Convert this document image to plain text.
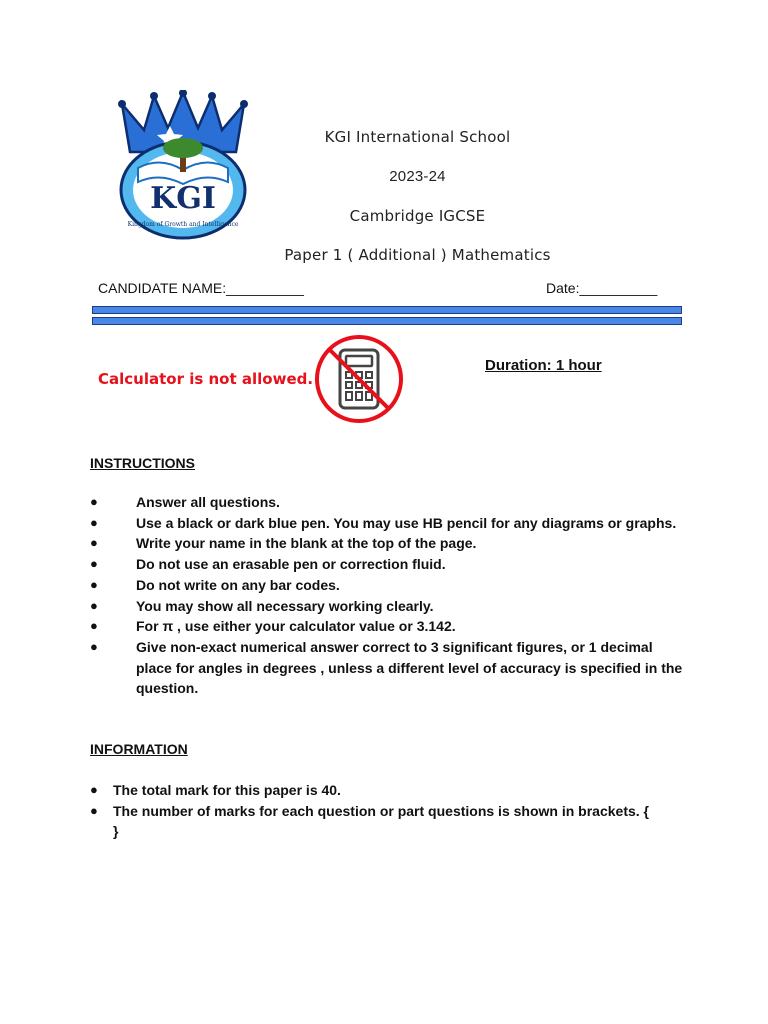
KGI
Kingdom of Growth and Intelligence
KGI International School
2023-24
Cambridge IGCSE
Paper 1 ( Additional ) Mathematics
CANDIDATE NAME:__________	Date:__________
Calculator is not allowed.
Duration: 1 hour
INSTRUCTIONS
●	Answer all questions.
●	Use a black or dark blue pen. You may use HB pencil for any diagrams or graphs.
●	Write your name in the blank at the top of the page.
●	Do not use an erasable pen or correction fluid.
●	Do not write on any bar codes.
●	You may show all necessary working clearly.
●	For π , use either your calculator value or 3.142.
●	Give non-exact numerical answer correct to 3 significant figures, or 1 decimal place for angles in degrees , unless a different level of accuracy is specified in the question.
INFORMATION
● The total mark for this paper is 40.
● The number of marks for each question or part questions is shown in brackets. { }
